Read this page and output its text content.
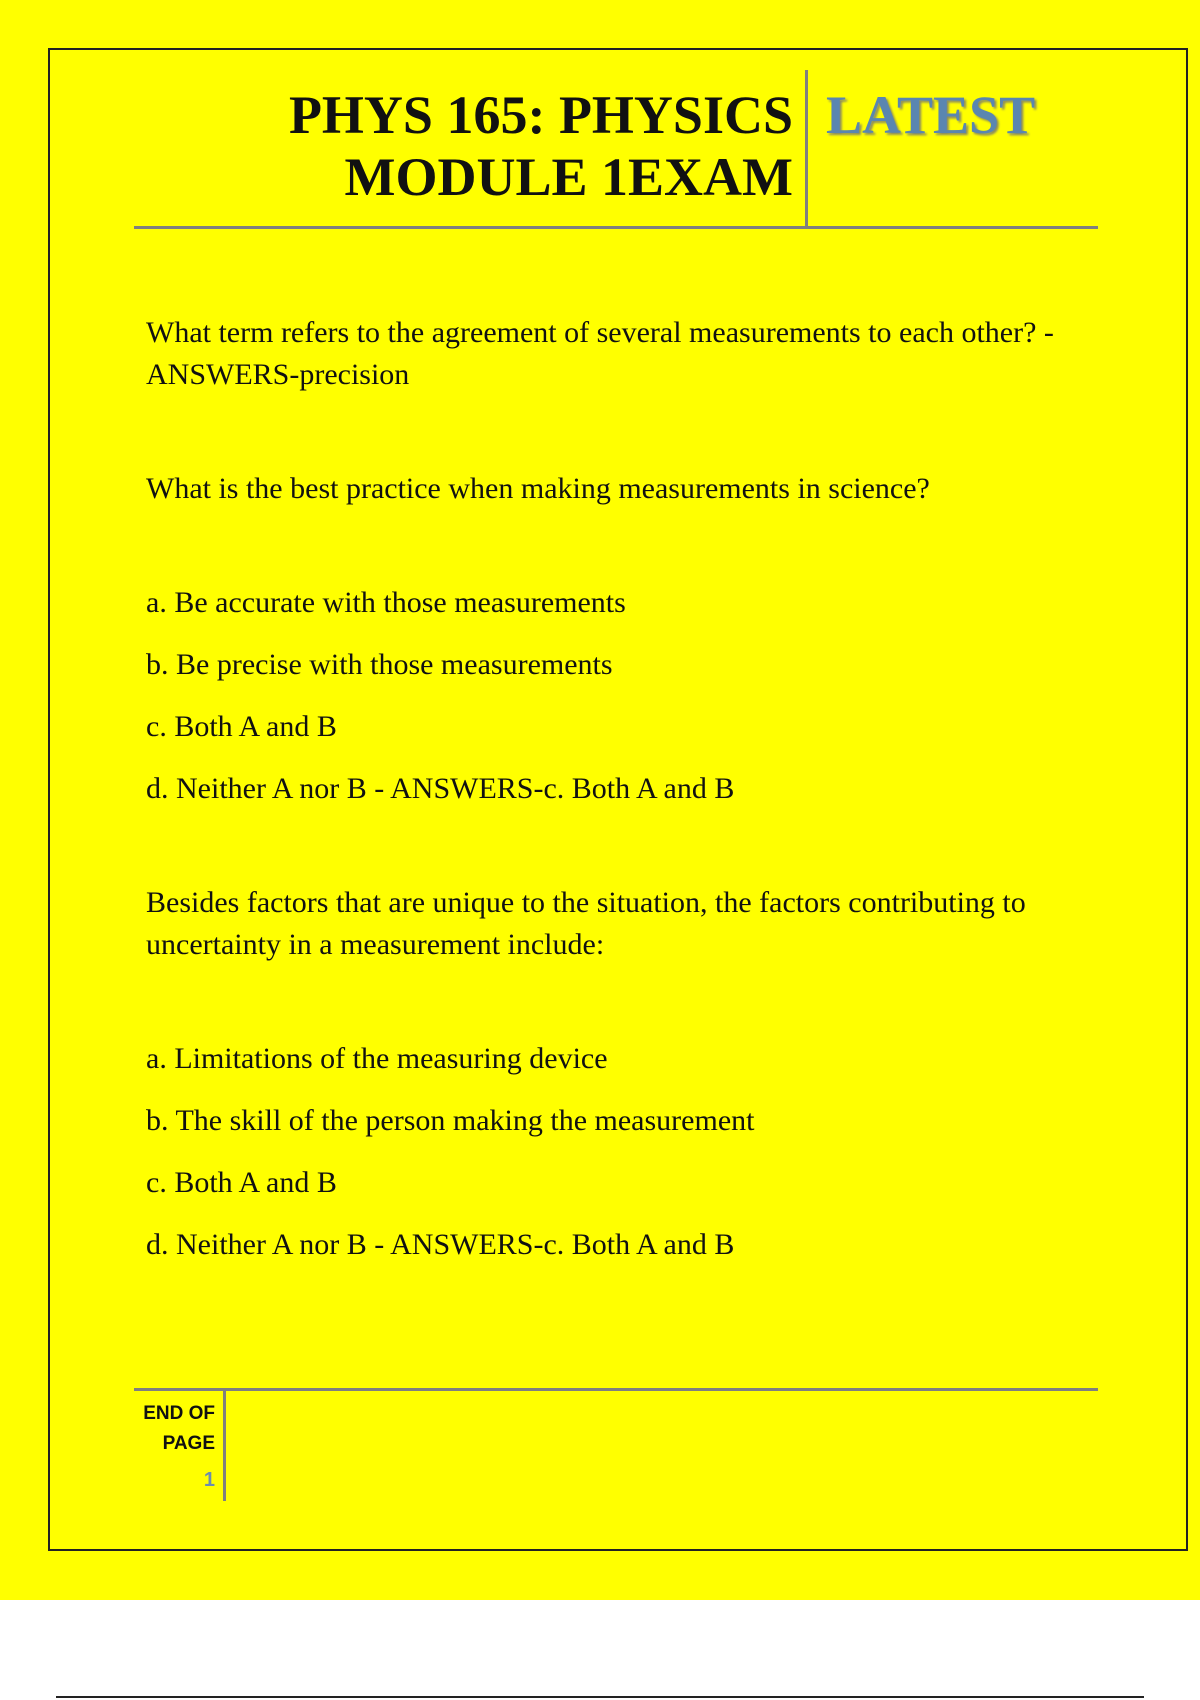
PHYS 165: PHYSICS
MODULE 1EXAM
LATEST

What term refers to the agreement of several measurements to each other? - ANSWERS-precision

What is the best practice when making measurements in science?

a. Be accurate with those measurements

b. Be precise with those measurements

c. Both A and B

d. Neither A nor B - ANSWERS-c. Both A and B

Besides factors that are unique to the situation, the factors contributing to uncertainty in a measurement include:

a. Limitations of the measuring device

b. The skill of the person making the measurement

c. Both A and B

d. Neither A nor B - ANSWERS-c. Both A and B

END OF
PAGE
1
